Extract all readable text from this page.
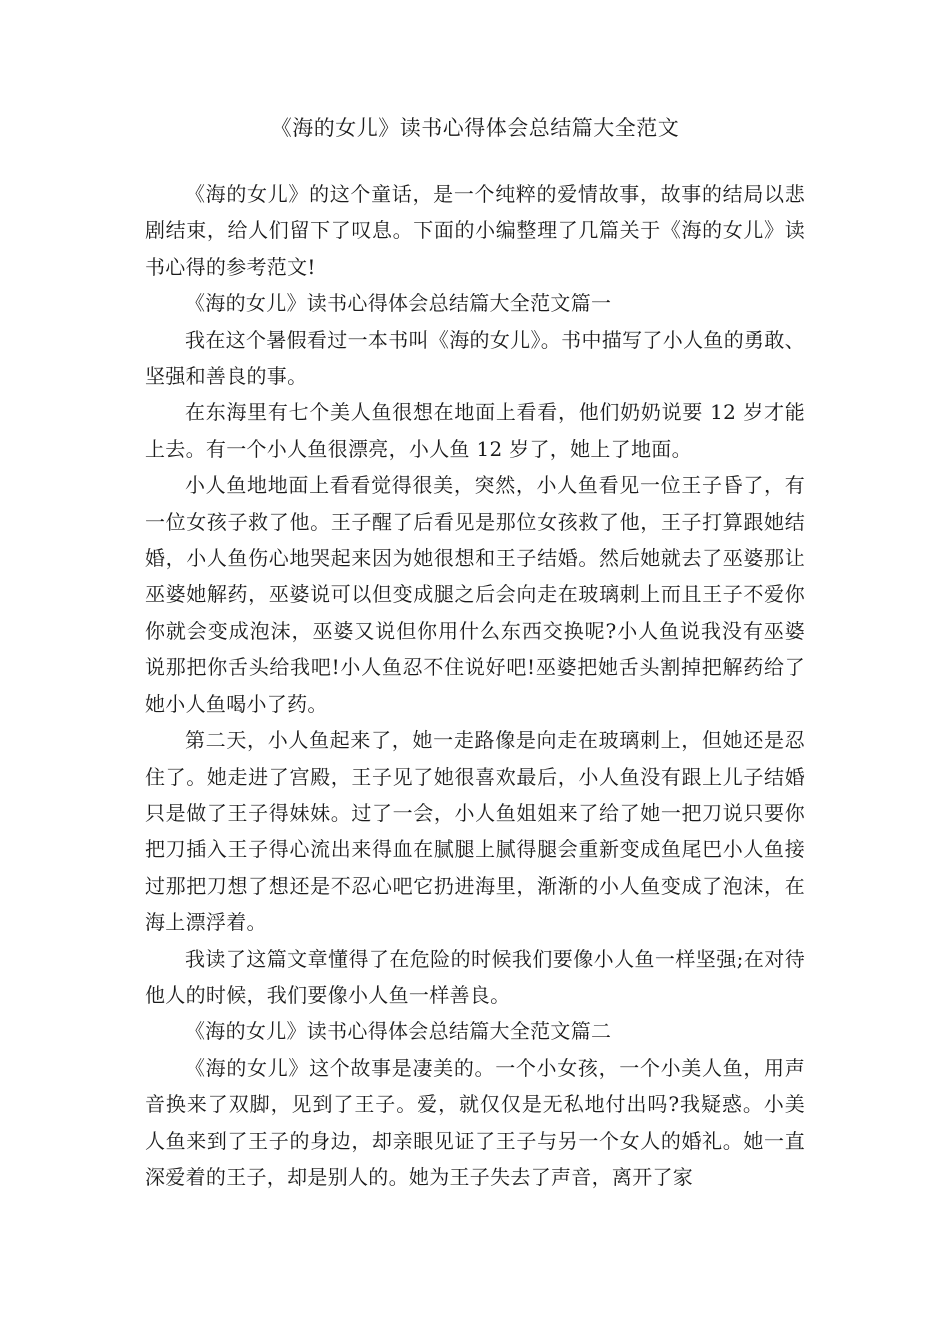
《海的女儿》读书心得体会总结篇大全范文

《海的女儿》的这个童话，是一个纯粹的爱情故事，故事的结局以悲剧结束，给人们留下了叹息。下面的小编整理了几篇关于《海的女儿》读书心得的参考范文!

《海的女儿》读书心得体会总结篇大全范文篇一

我在这个暑假看过一本书叫《海的女儿》。书中描写了小人鱼的勇敢、坚强和善良的事。

在东海里有七个美人鱼很想在地面上看看，他们奶奶说要 12 岁才能上去。有一个小人鱼很漂亮，小人鱼 12 岁了，她上了地面。

小人鱼地地面上看看觉得很美，突然，小人鱼看见一位王子昏了，有一位女孩子救了他。王子醒了后看见是那位女孩救了他，王子打算跟她结婚，小人鱼伤心地哭起来因为她很想和王子结婚。然后她就去了巫婆那让巫婆她解药，巫婆说可以但变成腿之后会向走在玻璃刺上而且王子不爱你你就会变成泡沫，巫婆又说但你用什么东西交换呢?小人鱼说我没有巫婆说那把你舌头给我吧!小人鱼忍不住说好吧!巫婆把她舌头割掉把解药给了她小人鱼喝小了药。

第二天，小人鱼起来了，她一走路像是向走在玻璃刺上，但她还是忍住了。她走进了宫殿，王子见了她很喜欢最后，小人鱼没有跟上儿子结婚只是做了王子得妹妹。过了一会，小人鱼姐姐来了给了她一把刀说只要你把刀插入王子得心流出来得血在腻腿上腻得腿会重新变成鱼尾巴小人鱼接过那把刀想了想还是不忍心吧它扔进海里，渐渐的小人鱼变成了泡沫，在海上漂浮着。

我读了这篇文章懂得了在危险的时候我们要像小人鱼一样坚强;在对待他人的时候，我们要像小人鱼一样善良。

《海的女儿》读书心得体会总结篇大全范文篇二

《海的女儿》这个故事是凄美的。一个小女孩，一个小美人鱼，用声音换来了双脚，见到了王子。爱，就仅仅是无私地付出吗?我疑惑。小美人鱼来到了王子的身边，却亲眼见证了王子与另一个女人的婚礼。她一直深爱着的王子，却是别人的。她为王子失去了声音，离开了家
